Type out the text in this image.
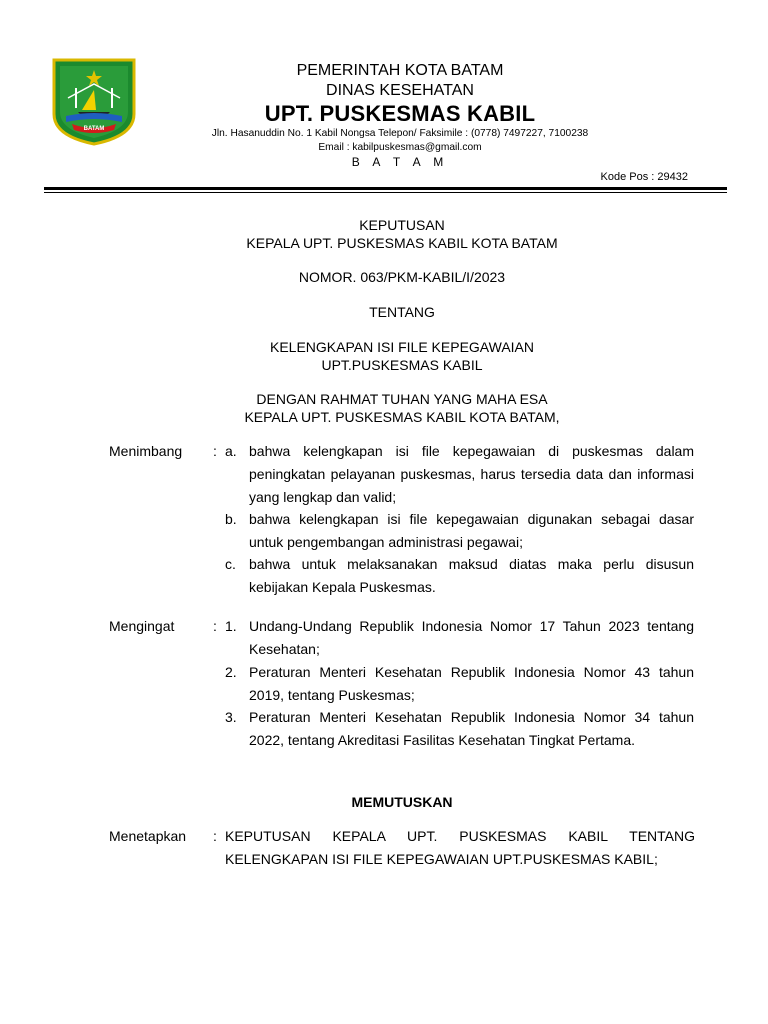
BATAM
PEMERINTAH KOTA BATAM
DINAS KESEHATAN
UPT. PUSKESMAS KABIL
Jln. Hasanuddin No. 1 Kabil Nongsa Telepon/ Faksimile : (0778) 7497227, 7100238
Email : kabilpuskesmas@gmail.com
B A T A M
Kode Pos : 29432
KEPUTUSAN
KEPALA UPT. PUSKESMAS KABIL KOTA BATAM
NOMOR. 063/PKM-KABIL/I/2023
TENTANG
KELENGKAPAN ISI FILE KEPEGAWAIAN
UPT.PUSKESMAS KABIL
DENGAN RAHMAT TUHAN YANG MAHA ESA
KEPALA UPT. PUSKESMAS KABIL KOTA BATAM,
Menimbang : a. bahwa kelengkapan isi file kepegawaian di puskesmas dalam peningkatan pelayanan puskesmas, harus tersedia data dan informasi yang lengkap dan valid;
b. bahwa kelengkapan isi file kepegawaian digunakan sebagai dasar untuk pengembangan administrasi pegawai;
c. bahwa untuk melaksanakan maksud diatas maka perlu disusun kebijakan Kepala Puskesmas.
Mengingat	: 1. Undang-Undang Republik Indonesia Nomor 17 Tahun 2023 tentang Kesehatan;
2. Peraturan Menteri Kesehatan Republik Indonesia Nomor 43 tahun 2019, tentang Puskesmas;
3. Peraturan Menteri Kesehatan Republik Indonesia Nomor 34 tahun 2022, tentang Akreditasi Fasilitas Kesehatan Tingkat Pertama.
MEMUTUSKAN
Menetapkan : KEPUTUSAN KEPALA UPT. PUSKESMAS KABIL TENTANG KELENGKAPAN ISI FILE KEPEGAWAIAN UPT.PUSKESMAS KABIL;
